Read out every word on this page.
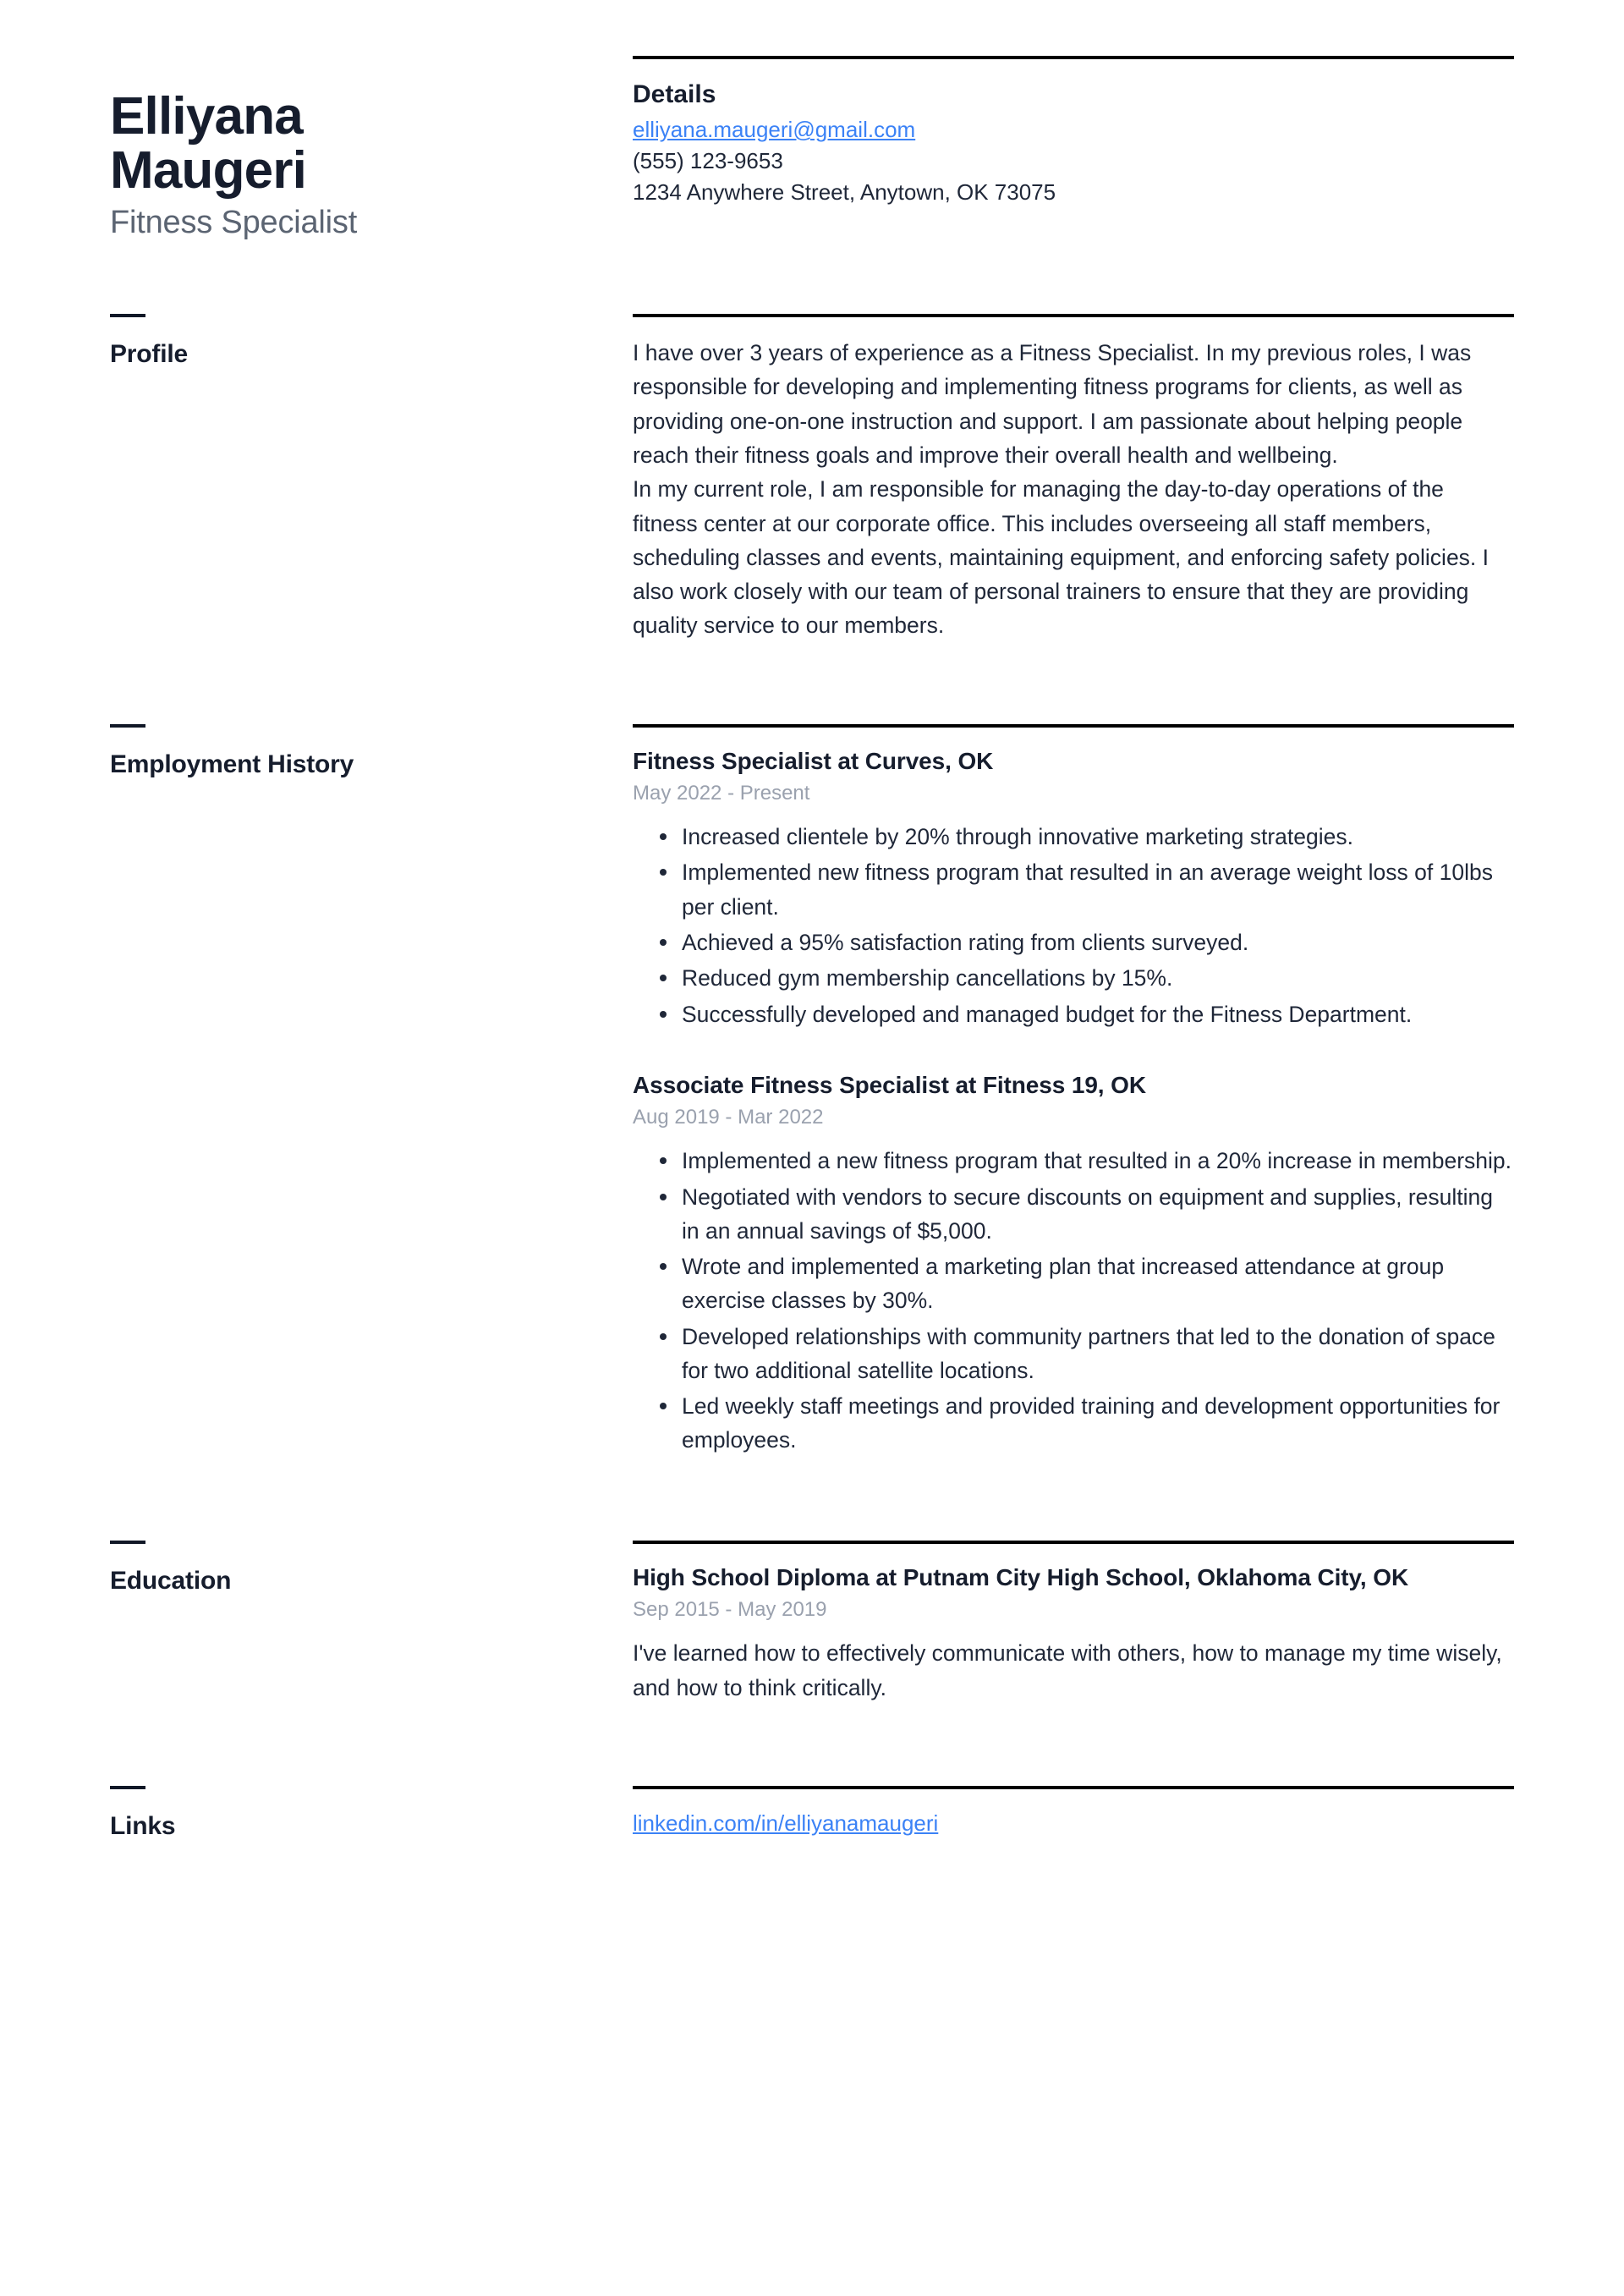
Elliyana
Maugeri
Fitness Specialist
Details
elliyana.maugeri@gmail.com
(555) 123-9653
1234 Anywhere Street, Anytown, OK 73075
Profile	I have over 3 years of experience as a Fitness Specialist. In my previous roles, I was responsible for developing and implementing fitness programs for clients, as well as providing one-on-one instruction and support. I am passionate about helping people reach their fitness goals and improve their overall health and wellbeing.

In my current role, I am responsible for managing the day-to-day operations of the fitness center at our corporate office. This includes overseeing all staff members, scheduling classes and events, maintaining equipment, and enforcing safety policies. I also work closely with our team of personal trainers to ensure that they are providing quality service to our members.

Employment History	Fitness Specialist at Curves, OK
May 2022 - Present
Increased clientele by 20% through innovative marketing strategies.
Implemented new fitness program that resulted in an average weight loss of 10lbs per client.
Achieved a 95% satisfaction rating from clients surveyed.
Reduced gym membership cancellations by 15%.
Successfully developed and managed budget for the Fitness Department.
Associate Fitness Specialist at Fitness 19, OK
Aug 2019 - Mar 2022
Implemented a new fitness program that resulted in a 20% increase in membership.
Negotiated with vendors to secure discounts on equipment and supplies, resulting in an annual savings of $5,000.
Wrote and implemented a marketing plan that increased attendance at group exercise classes by 30%.
Developed relationships with community partners that led to the donation of space for two additional satellite locations.
Led weekly staff meetings and provided training and development opportunities for employees.
Education	High School Diploma at Putnam City High School, Oklahoma City, OK
Sep 2015 - May 2019

I've learned how to effectively communicate with others, how to manage my time wisely, and how to think critically.

Links	linkedin.com/in/elliyanamaugeri
